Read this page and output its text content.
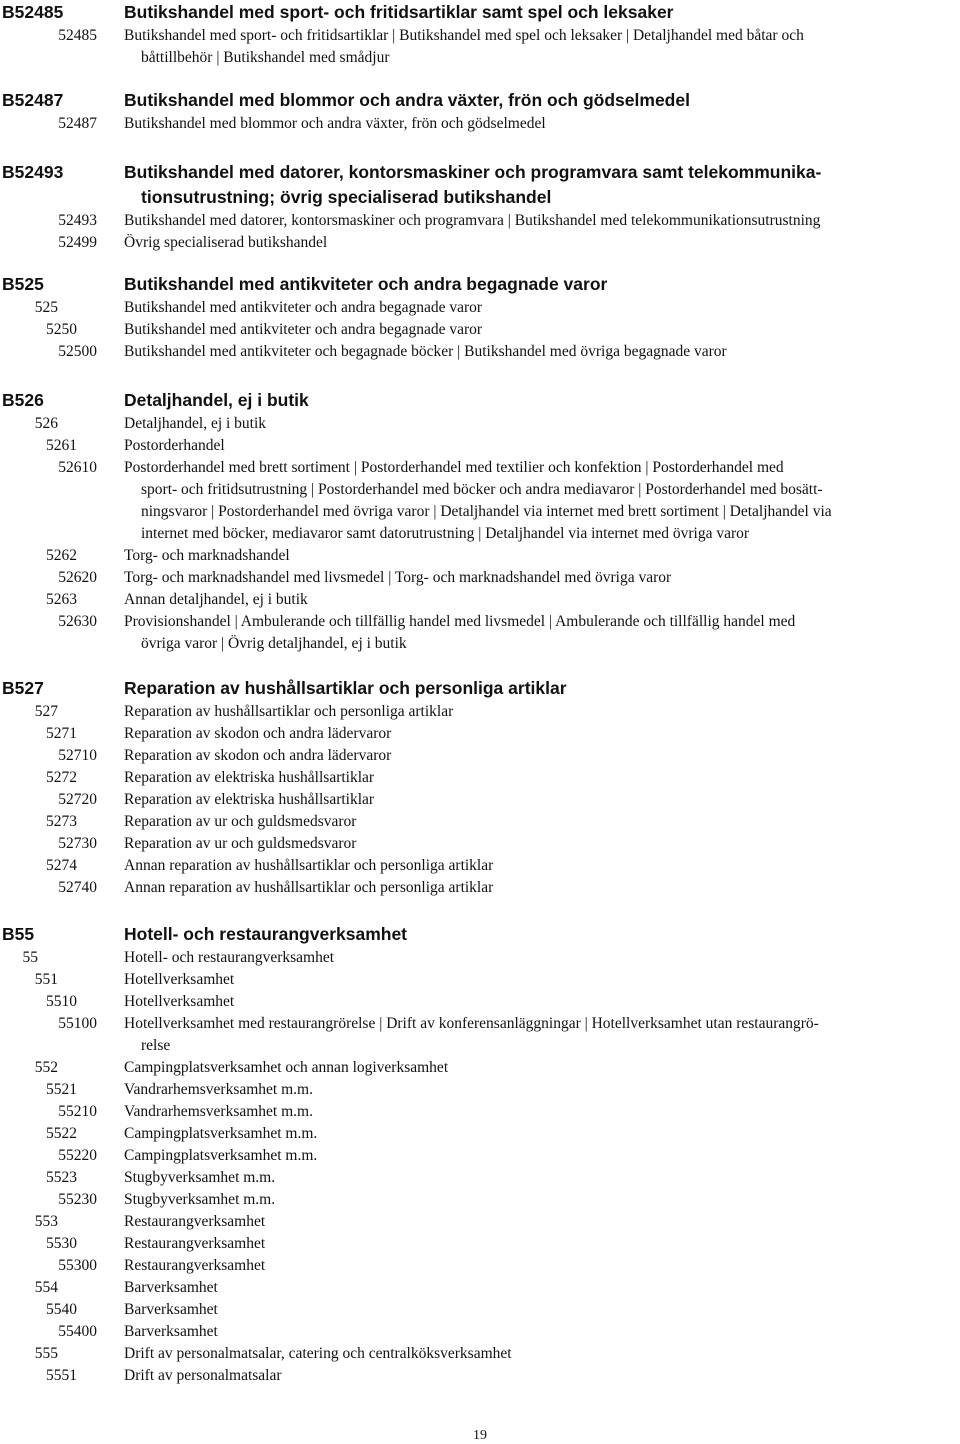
B52485	Butikshandel med sport- och fritidsartiklar samt spel och leksaker
52485 Butikshandel med sport- och fritidsartiklar | Butikshandel med spel och leksaker | Detaljhandel med båtar och
båttillbehör | Butikshandel med smådjur
B52487	Butikshandel med blommor och andra växter, frön och gödselmedel
52487 Butikshandel med blommor och andra växter, frön och gödselmedel
B52493	Butikshandel med datorer, kontorsmaskiner och programvara samt telekommunika-
tionsutrustning; övrig specialiserad butikshandel
52493 Butikshandel med datorer, kontorsmaskiner och programvara | Butikshandel med telekommunikationsutrustning
52499 Övrig specialiserad butikshandel
B525	Butikshandel med antikviteter och andra begagnade varor
525	Butikshandel med antikviteter och andra begagnade varor
5250	Butikshandel med antikviteter och andra begagnade varor
52500 Butikshandel med antikviteter och begagnade böcker | Butikshandel med övriga begagnade varor
B526	Detaljhandel, ej i butik
526	Detaljhandel, ej i butik
5261	Postorderhandel
52610 Postorderhandel med brett sortiment | Postorderhandel med textilier och konfektion | Postorderhandel med
sport- och fritidsutrustning | Postorderhandel med böcker och andra mediavaror | Postorderhandel med bosätt-
ningsvaror | Postorderhandel med övriga varor | Detaljhandel via internet med brett sortiment | Detaljhandel via
internet med böcker, mediavaror samt datorutrustning | Detaljhandel via internet med övriga varor
5262	Torg- och marknadshandel
52620 Torg- och marknadshandel med livsmedel | Torg- och marknadshandel med övriga varor
5263	Annan detaljhandel, ej i butik
52630 Provisionshandel | Ambulerande och tillfällig handel med livsmedel | Ambulerande och tillfällig handel med
övriga varor | Övrig detaljhandel, ej i butik
B527	Reparation av hushållsartiklar och personliga artiklar
527	Reparation av hushållsartiklar och personliga artiklar
5271	Reparation av skodon och andra lädervaror
52710 Reparation av skodon och andra lädervaror
5272	Reparation av elektriska hushållsartiklar
52720 Reparation av elektriska hushållsartiklar
5273	Reparation av ur och guldsmedsvaror
52730 Reparation av ur och guldsmedsvaror
5274	Annan reparation av hushållsartiklar och personliga artiklar
52740 Annan reparation av hushållsartiklar och personliga artiklar
B55	Hotell- och restaurangverksamhet
55	Hotell- och restaurangverksamhet
551	Hotellverksamhet
5510	Hotellverksamhet
55100 Hotellverksamhet med restaurangrörelse | Drift av konferensanläggningar | Hotellverksamhet utan restaurangrö-
relse
552	Campingplatsverksamhet och annan logiverksamhet
5521	Vandrarhemsverksamhet m.m.
55210 Vandrarhemsverksamhet m.m.
5522	Campingplatsverksamhet m.m.
55220 Campingplatsverksamhet m.m.
5523	Stugbyverksamhet m.m.
55230 Stugbyverksamhet m.m.
553	Restaurangverksamhet
5530	Restaurangverksamhet
55300 Restaurangverksamhet
554	Barverksamhet
5540	Barverksamhet
55400 Barverksamhet
555	Drift av personalmatsalar, catering och centralköksverksamhet
5551	Drift av personalmatsalar
19
